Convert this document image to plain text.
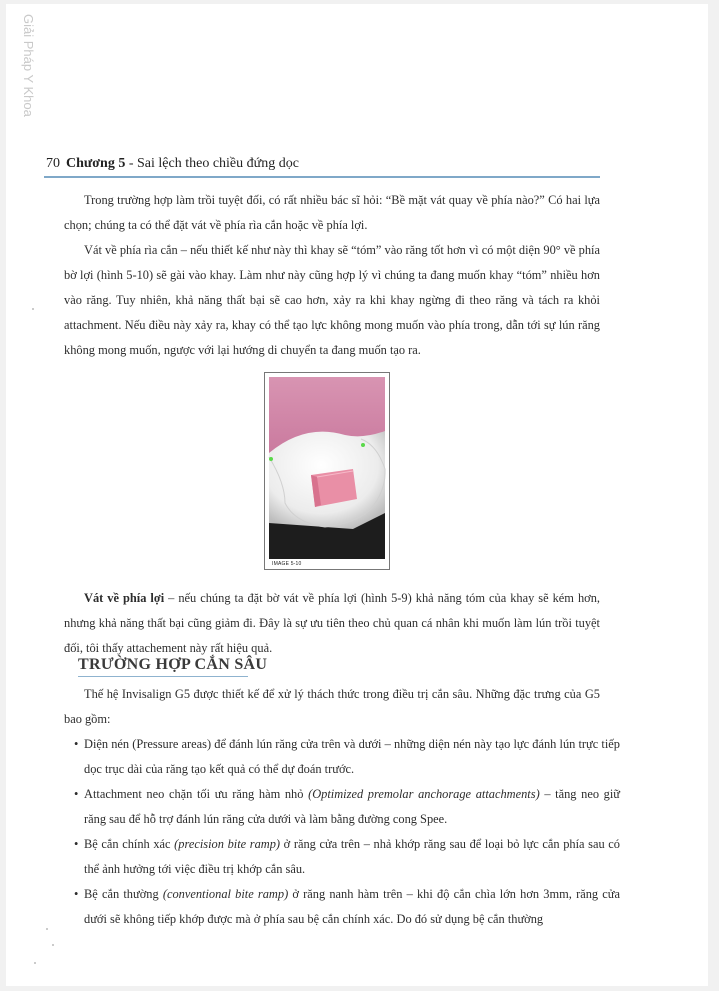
Giải Pháp Y Khoa
70 Chương 5 - Sai lệch theo chiều đứng dọc

Trong trường hợp làm trồi tuyệt đối, có rất nhiều bác sĩ hỏi: “Bề mặt vát quay về phía nào?” Có hai lựa chọn; chúng ta có thể đặt vát về phía rìa cắn hoặc về phía lợi.

Vát về phía rìa cắn – nếu thiết kế như này thì khay sẽ “tóm” vào răng tốt hơn vì có một diện 90° về phía bờ lợi (hình 5-10) sẽ gài vào khay. Làm như này cũng hợp lý vì chúng ta đang muốn khay “tóm” nhiều hơn vào răng. Tuy nhiên, khả năng thất bại sẽ cao hơn, xảy ra khi khay ngừng đi theo răng và tách ra khỏi attachment. Nếu điều này xảy ra, khay có thể tạo lực không mong muốn vào phía trong, dẫn tới sự lún răng không mong muốn, ngược với lại hướng di chuyển ta đang muốn tạo ra.

IMAGE 5-10

Vát về phía lợi – nếu chúng ta đặt bờ vát về phía lợi (hình 5-9) khả năng tóm của khay sẽ kém hơn, nhưng khả năng thất bại cũng giảm đi. Đây là sự ưu tiên theo chủ quan cá nhân khi muốn làm lún trồi tuyệt đối, tôi thấy attachement này rất hiệu quả.

TRƯỜNG HỢP CẮN SÂU

Thế hệ Invisalign G5 được thiết kế để xử lý thách thức trong điều trị cắn sâu. Những đặc trưng của G5 bao gồm:

• Diện nén (Pressure areas) để đánh lún răng cửa trên và dưới – những diện nén này tạo lực đánh lún trực tiếp dọc trục dài của răng tạo kết quả có thể dự đoán trước.

• Attachment neo chặn tối ưu răng hàm nhỏ (Optimized premolar anchorage attachments) – tăng neo giữ răng sau để hỗ trợ đánh lún răng cửa dưới và làm bằng đường cong Spee.

• Bệ cắn chính xác (precision bite ramp) ở răng cửa trên – nhả khớp răng sau để loại bỏ lực cắn phía sau có thể ảnh hưởng tới việc điều trị khớp cắn sâu.

• Bệ cắn thường (conventional bite ramp) ở răng nanh hàm trên – khi độ cắn chìa lớn hơn 3mm, răng cửa dưới sẽ không tiếp khớp được mà ở phía sau bệ cắn chính xác. Do đó sử dụng bệ cắn thường
